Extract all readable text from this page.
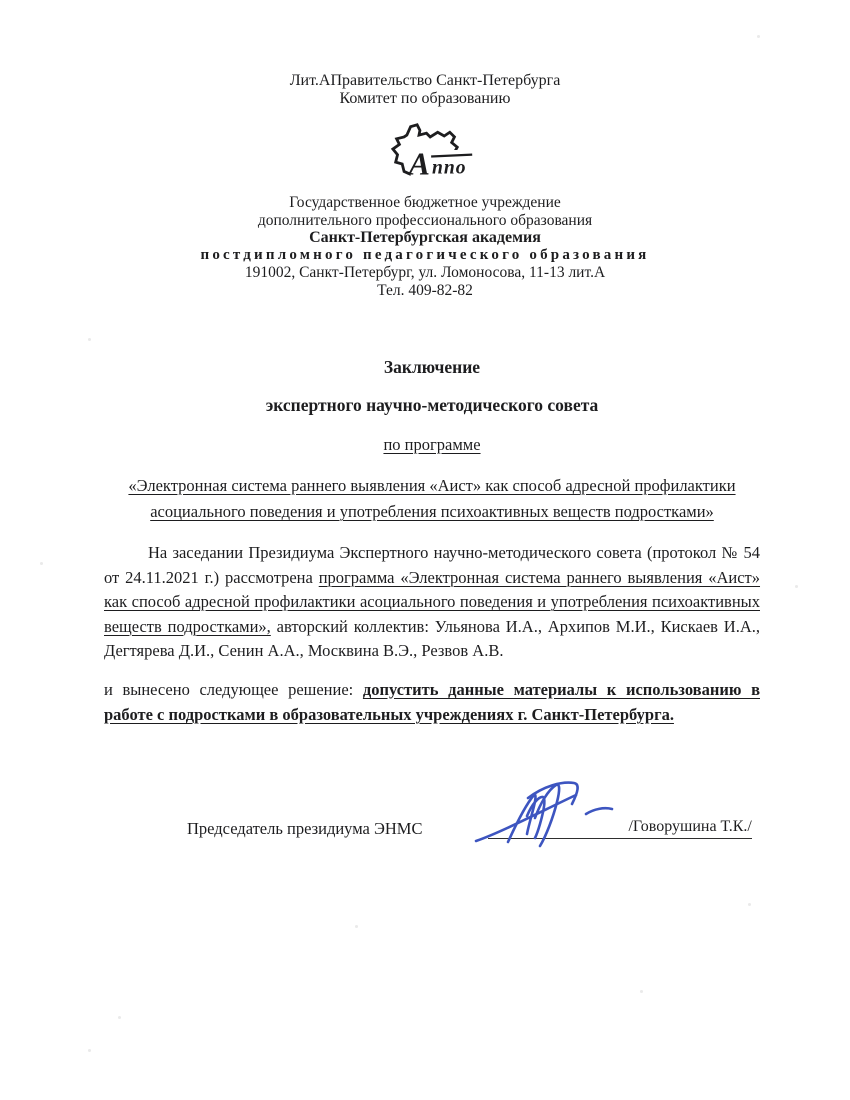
Лит.АПравительство Санкт-Петербурга
Комитет по образованию
А ппо
Государственное бюджетное учреждение
дополнительного профессионального образования
Санкт-Петербургская академия
постдипломного педагогического образования
191002, Санкт-Петербург, ул. Ломоносова, 11-13 лит.А
Тел. 409-82-82
Заключение
экспертного научно-методического совета
по программе
«Электронная система раннего выявления «Аист» как способ адресной профилактики
асоциального поведения и употребления психоактивных веществ подростками»

На заседании Президиума Экспертного научно-методического совета (протокол № 54 от 24.11.2021 г.) рассмотрена программа «Электронная система раннего выявления «Аист» как способ адресной профилактики асоциального поведения и употребления психоактивных веществ подростками», авторский коллектив: Ульянова И.А., Архипов М.И., Кискаев И.А., Дегтярева Д.И., Сенин А.А., Москвина В.Э., Резвов А.В.

и вынесено следующее решение: допустить данные материалы к использованию в работе с подростками в образовательных учреждениях г. Санкт-Петербурга.

Председатель президиума ЭНМС	/Говорушина Т.К./
